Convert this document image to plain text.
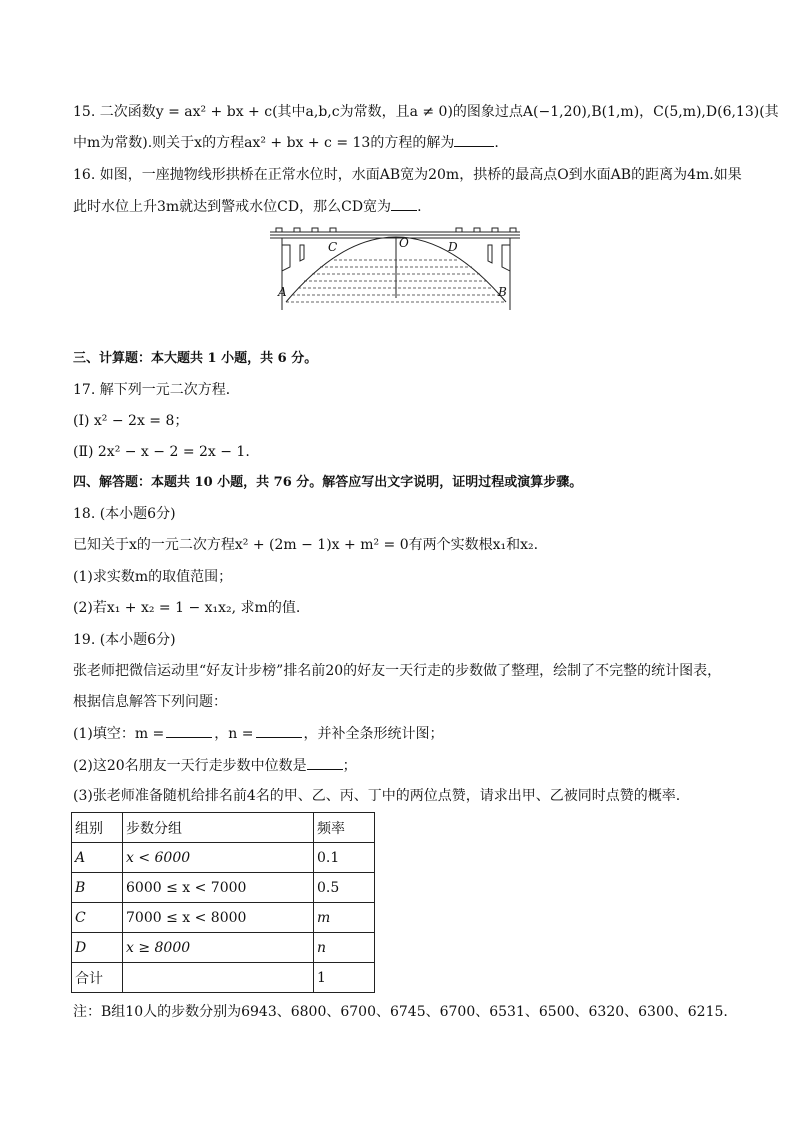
15. 二次函数y = ax² + bx + c(其中a,b,c为常数，且a ≠ 0)的图象过点A(−1,20),B(1,m)，C(5,m),D(6,13)(其
中m为常数).则关于x的方程ax² + bx + c = 13的方程的解为	.
16. 如图，一座抛物线形拱桥在正常水位时，水面AB宽为20m，拱桥的最高点O到水面AB的距离为4m.如果
此时水位上升3m就达到警戒水位CD，那么CD宽为 .
C	O	D
A	B
三、计算题：本大题共 1 小题，共 6 分。
17. 解下列一元二次方程．
(Ⅰ) x² − 2x = 8；
(Ⅱ) 2x² − x − 2 = 2x − 1.
四、解答题：本题共 10 小题，共 76 分。解答应写出文字说明，证明过程或演算步骤。
18. (本小题6分)
已知关于x的一元二次方程x² + (2m − 1)x + m² = 0有两个实数根x₁和x₂.
(1)求实数m的取值范围；
(2)若x₁ + x₂ = 1 − x₁x₂, 求m的值.
19. (本小题6分)
张老师把微信运动里“好友计步榜”排名前20的好友一天行走的步数做了整理，绘制了不完整的统计图表，
根据信息解答下列问题：
(1)填空：m =	，n =	，并补全条形统计图；
(2)这20名朋友一天行走步数中位数是	；
(3)张老师准备随机给排名前4名的甲、乙、丙、丁中的两位点赞，请求出甲、乙被同时点赞的概率.
组别	步数分组	频率
A	x < 6000	0.1
B	6000 ≤ x < 7000	0.5
C	7000 ≤ x < 8000	m
D	x ≥ 8000	n
合计		1
注：B组10人的步数分别为6943、6800、6700、6745、6700、6531、6500、6320、6300、6215.
